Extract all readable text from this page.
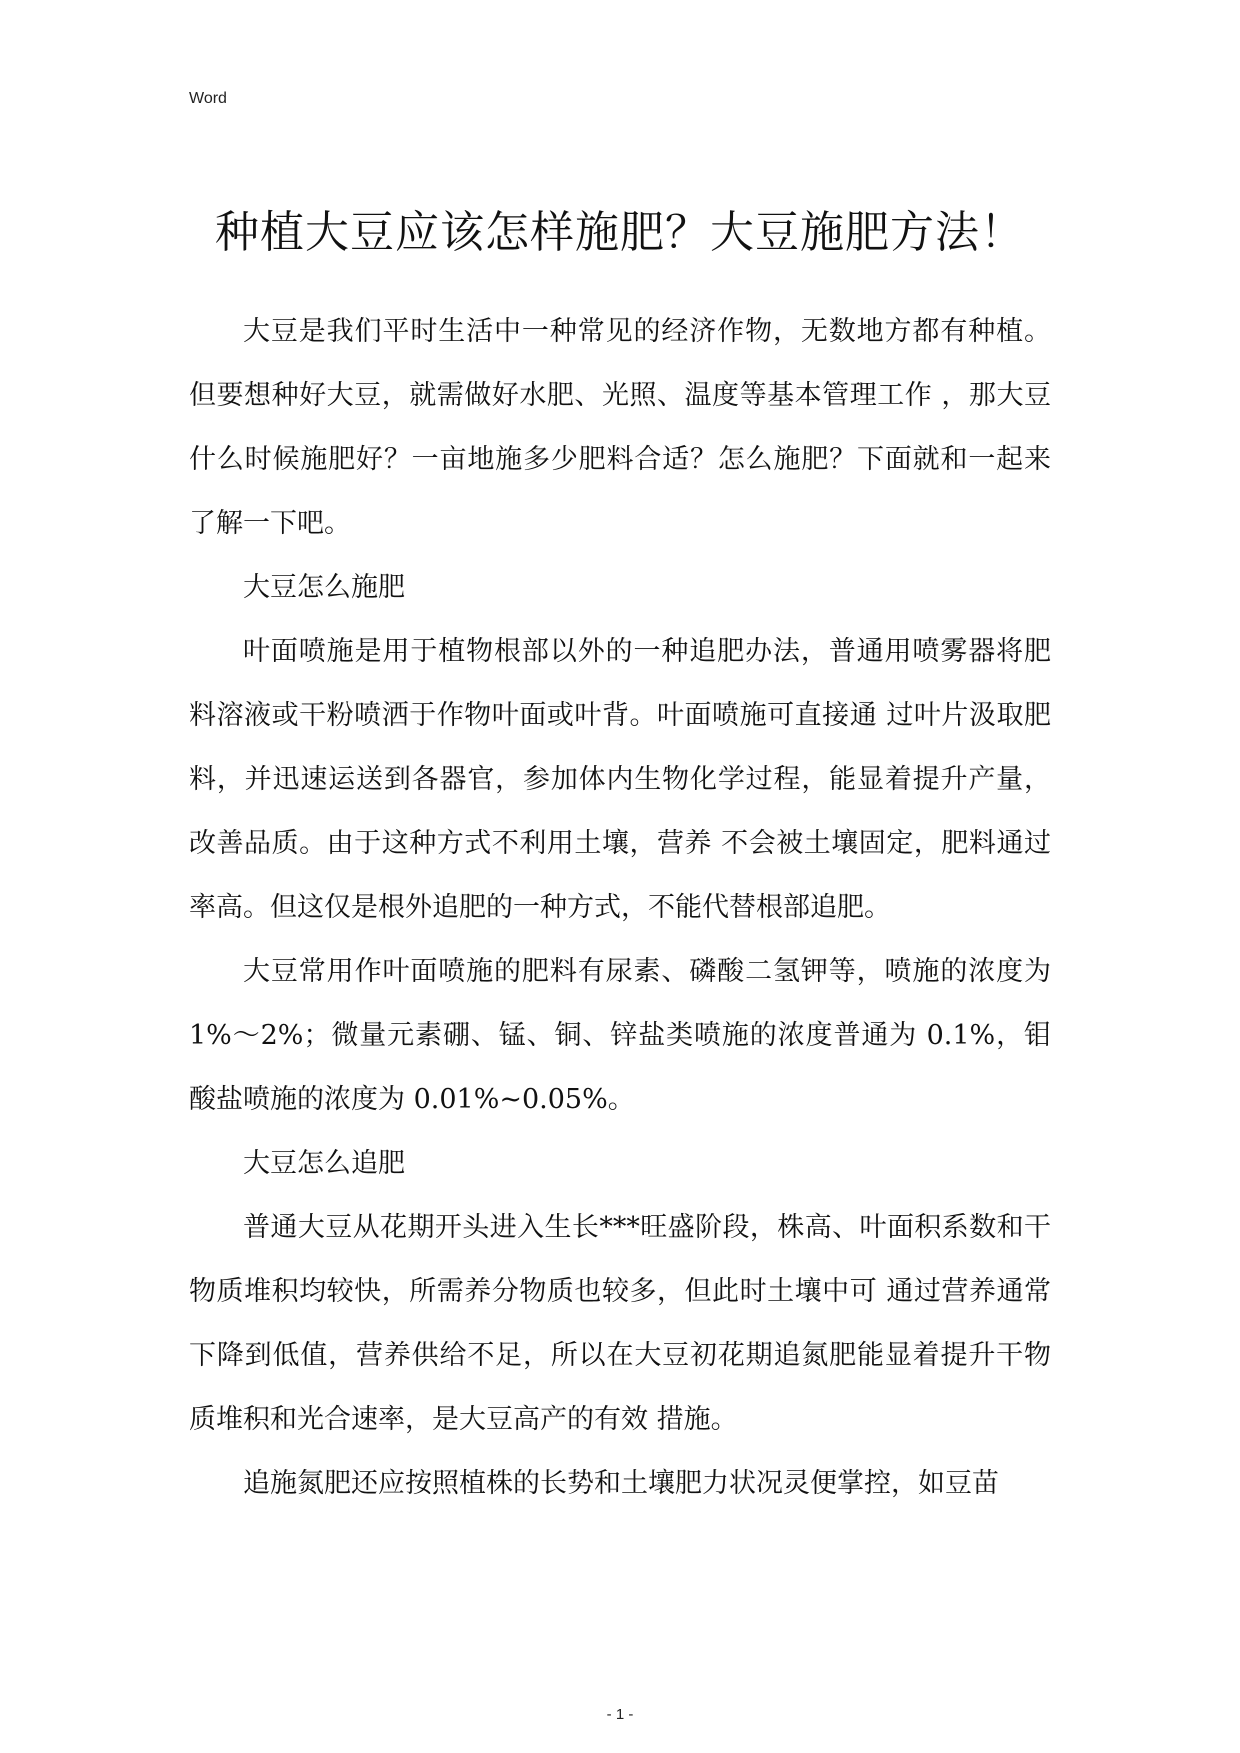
Word
种植大豆应该怎样施肥？大豆施肥方法！

大豆是我们平时生活中一种常见的经济作物，无数地方都有种植。但要想种好大豆，就需做好水肥、光照、温度等基本管理工作 ，那大豆什么时候施肥好？一亩地施多少肥料合适？怎么施肥？下面就和一起来了解一下吧。

大豆怎么施肥

叶面喷施是用于植物根部以外的一种追肥办法，普通用喷雾器将肥料溶液或干粉喷洒于作物叶面或叶背。叶面喷施可直接通 过叶片汲取肥料，并迅速运送到各器官，参加体内生物化学过程，能显着提升产量，改善品质。由于这种方式不利用土壤，营养 不会被土壤固定，肥料通过率高。但这仅是根外追肥的一种方式，不能代替根部追肥。

大豆常用作叶面喷施的肥料有尿素、磷酸二氢钾等，喷施的浓度为 1%～2%；微量元素硼、锰、铜、锌盐类喷施的浓度普通为 0.1%，钼酸盐喷施的浓度为 0.01%~0.05%。

大豆怎么追肥

普通大豆从花期开头进入生长***旺盛阶段，株高、叶面积系数和干物质堆积均较快，所需养分物质也较多，但此时土壤中可 通过营养通常下降到低值，营养供给不足，所以在大豆初花期追氮肥能显着提升干物质堆积和光合速率，是大豆高产的有效 措施。

追施氮肥还应按照植株的长势和土壤肥力状况灵便掌控，如豆苗

- 1 -
